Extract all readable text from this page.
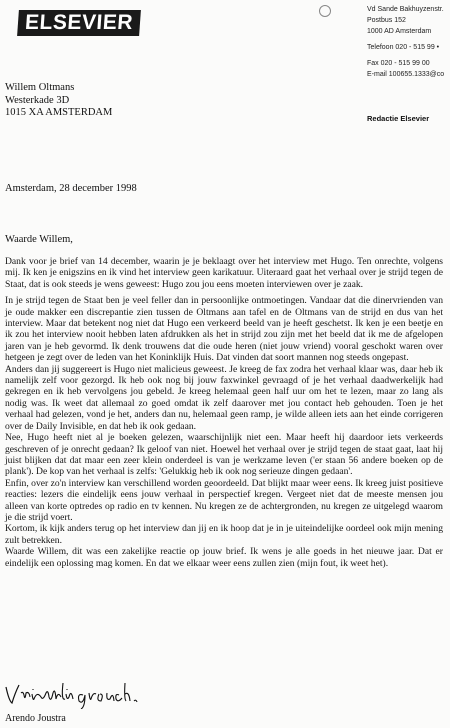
ELSEVIER
Vd Sande Bakhuyzenstr.
Postbus 152
1000 AD Amsterdam
Telefoon 020 - 515 99 •
Fax 020 - 515 99 00
E-mail 100655.1333@co
Redactie Elsevier
Willem Oltmans
Westerkade 3D
1015 XA AMSTERDAM
Amsterdam, 28 december 1998
Waarde Willem,

Dank voor je brief van 14 december, waarin je je beklaagt over het interview met Hugo. Ten onrechte, volgens mij. Ik ken je enigszins en ik vind het interview geen karikatuur. Uiteraard gaat het verhaal over je strijd tegen de Staat, dat is ook steeds je wens geweest: Hugo zou jou eens moeten interviewen over je zaak.

In je strijd tegen de Staat ben je veel feller dan in persoonlijke ontmoetingen. Vandaar dat die dinervrienden van je oude makker een discrepantie zien tussen de Oltmans aan tafel en de Oltmans van de strijd en dus van het interview. Maar dat betekent nog niet dat Hugo een verkeerd beeld van je heeft geschetst. Ik ken je een beetje en ik zou het interview nooit hebben laten afdrukken als het in strijd zou zijn met het beeld dat ik me de afgelopen jaren van je heb gevormd. Ik denk trouwens dat die oude heren (niet jouw vriend) vooral geschokt waren over hetgeen je zegt over de leden van het Koninklijk Huis. Dat vinden dat soort mannen nog steeds ongepast.

Anders dan jij suggereert is Hugo niet malicieus geweest. Je kreeg de fax zodra het verhaal klaar was, daar heb ik namelijk zelf voor gezorgd. Ik heb ook nog bij jouw faxwinkel gevraagd of je het verhaal daadwerkelijk had gekregen en ik heb vervolgens jou gebeld. Je kreeg helemaal geen half uur om het te lezen, maar zo lang als nodig was. Ik weet dat allemaal zo goed omdat ik zelf daarover met jou contact heb gehouden. Toen je het verhaal had gelezen, vond je het, anders dan nu, helemaal geen ramp, je wilde alleen iets aan het einde corrigeren over de Daily Invisible, en dat heb ik ook gedaan.

Nee, Hugo heeft niet al je boeken gelezen, waarschijnlijk niet een. Maar heeft hij daardoor iets verkeerds geschreven of je onrecht gedaan? Ik geloof van niet. Hoewel het verhaal over je strijd tegen de staat gaat, laat hij juist blijken dat dat maar een zeer klein onderdeel is van je werkzame leven ('er staan 56 andere boeken op de plank'). De kop van het verhaal is zelfs: 'Gelukkig heb ik ook nog serieuze dingen gedaan'.

Enfin, over zo'n interview kan verschillend worden geoordeeld. Dat blijkt maar weer eens. Ik kreeg juist positieve reacties: lezers die eindelijk eens jouw verhaal in perspectief kregen. Vergeet niet dat de meeste mensen jou alleen van korte optredes op radio en tv kennen. Nu kregen ze de achtergronden, nu kregen ze uitgelegd waarom je die strijd voert.

Kortom, ik kijk anders terug op het interview dan jij en ik hoop dat je in je uiteindelijke oordeel ook mijn mening zult betrekken.

Waarde Willem, dit was een zakelijke reactie op jouw brief. Ik wens je alle goeds in het nieuwe jaar. Dat er eindelijk een oplossing mag komen. En dat we elkaar weer eens zullen zien (mijn fout, ik weet het).

Arendo Joustra
